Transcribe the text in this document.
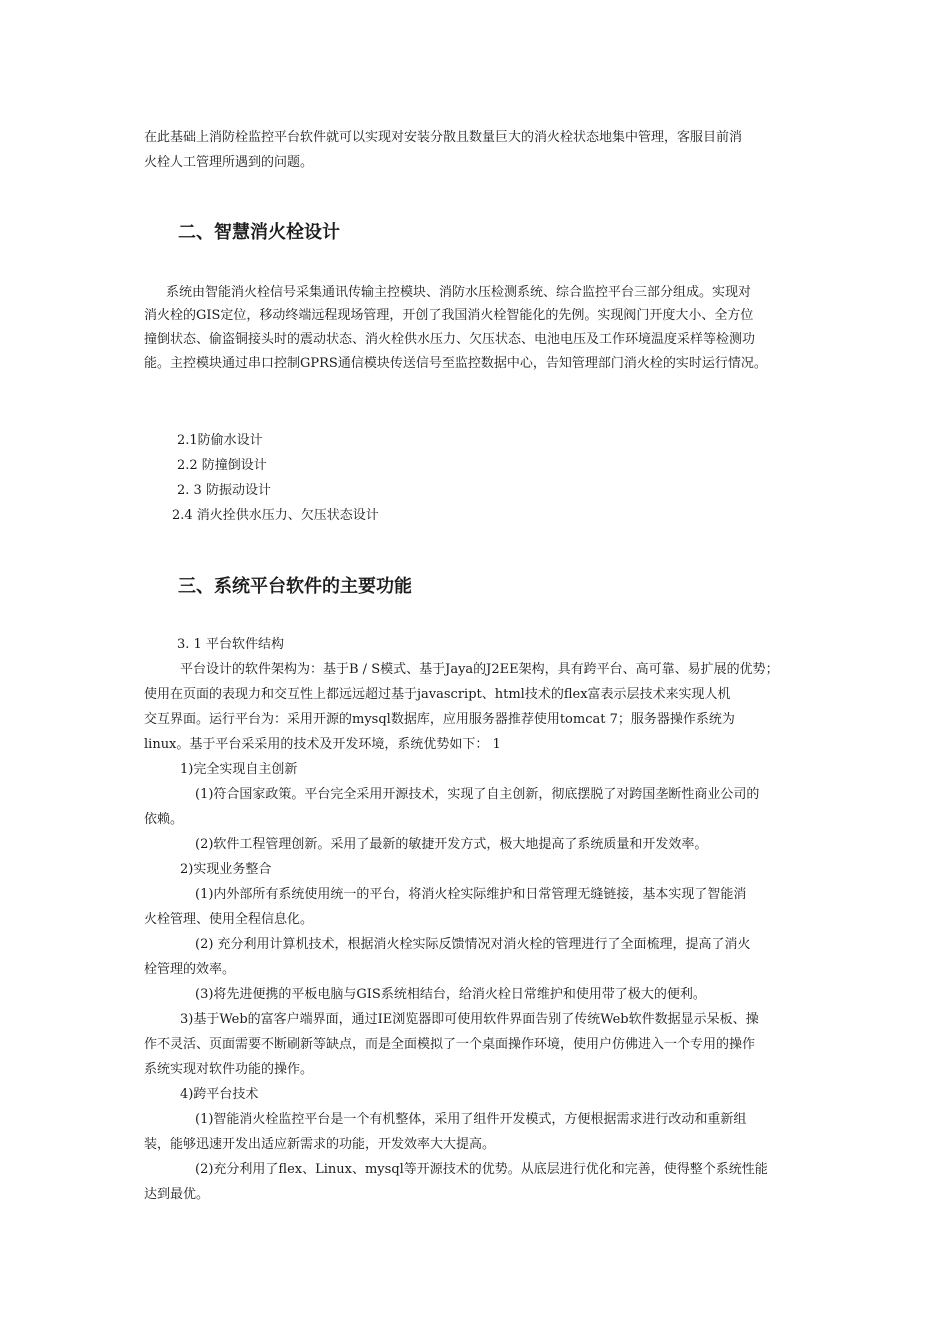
在此基础上消防栓监控平台软件就可以实现对安装分散且数量巨大的消火栓状态地集中管理，客服目前消
火栓人工管理所遇到的问题。
二、智慧消火栓设计
系统由智能消火栓信号采集通讯传输主控模块、消防水压检测系统、综合监控平台三部分组成。实现对
消火栓的GIS定位，移动终端远程现场管理，开创了我国消火栓智能化的先例。实现阀门开度大小、全方位
撞倒状态、偷盗铜接头时的震动状态、消火栓供水压力、欠压状态、电池电压及工作环境温度采样等检测功
能。主控模块通过串口控制GPRS通信模块传送信号至监控数据中心，告知管理部门消火栓的实时运行情况。
2.1防偷水设计
2.2 防撞倒设计
2. 3 防振动设计
2.4 消火拴供水压力、欠压状态设计
三、系统平台软件的主要功能
3. 1 平台软件结构
平台设计的软件架构为：基于B / S模式、基于Jaya的J2EE架构，具有跨平台、高可靠、易扩展的优势；
使用在页面的表现力和交互性上都远远超过基于javascript、html技术的flex富表示层技术来实现人机
交互界面。运行平台为：采用开源的mysql数据库，应用服务器推荐使用tomcat 7；服务器操作系统为
linux。基于平台采采用的技术及开发环境，系统优势如下： 1
1)完全实现自主创新
(1)符合国家政策。平台完全采用开源技术，实现了自主创新，彻底摆脱了对跨国垄断性商业公司的
依赖。
(2)软件工程管理创新。采用了最新的敏捷开发方式，极大地提高了系统质量和开发效率。
2)实现业务整合
(1)内外部所有系统使用统一的平台，将消火栓实际维护和日常管理无缝链接，基本实现了智能消
火栓管理、使用全程信息化。
(2) 充分利用计算机技术，根据消火栓实际反馈情况对消火栓的管理进行了全面梳理，提高了消火
栓管理的效率。
(3)将先进便携的平板电脑与GIS系统相结台，给消火栓日常维护和使用带了极大的便利。
3)基于Web的富客户端界面，通过IE浏览器即可使用软件界面告别了传统Web软件数据显示呆板、操
作不灵活、页面需要不断刷新等缺点，而是全面模拟了一个桌面操作环境，使用户仿佛进入一个专用的操作
系统实现对软件功能的操作。
4)跨平台技术
(1)智能消火栓监控平台是一个有机整体，采用了组件开发模式，方便根据需求进行改动和重新组
装，能够迅速开发出适应新需求的功能，开发效率大大提高。
(2)充分利用了flex、Linux、mysql等开源技术的优势。从底层进行优化和完善，使得整个系统性能
达到最优。
